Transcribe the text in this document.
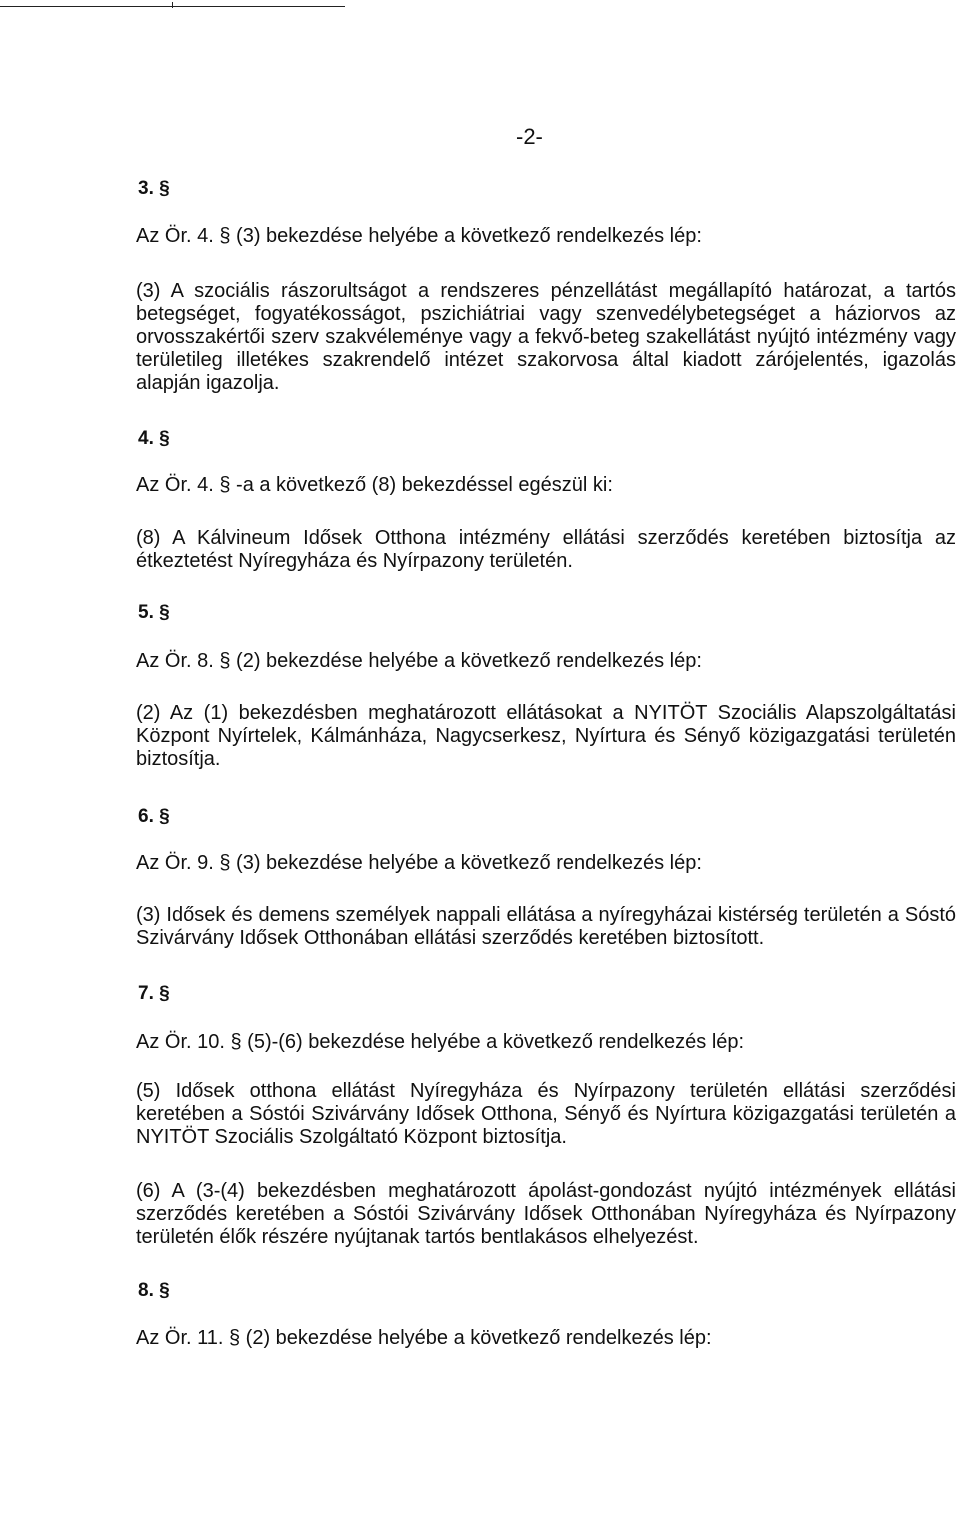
-2-
3. §
Az Ör. 4. § (3) bekezdése helyébe a következő rendelkezés lép:
(3) A szociális rászorultságot a rendszeres pénzellátást megállapító határozat, a tartós betegséget, fogyatékosságot, pszichiátriai vagy szenvedélybetegséget a háziorvos az orvosszakértői szerv szakvéleménye vagy a fekvő-beteg szakellátást nyújtó intézmény vagy területileg illetékes szakrendelő intézet szakorvosa által kiadott zárójelentés, igazolás alapján igazolja.
4. §
Az Ör. 4. § -a a következő (8) bekezdéssel egészül ki:
(8) A Kálvineum Idősek Otthona intézmény ellátási szerződés keretében biztosítja az étkeztetést Nyíregyháza és Nyírpazony területén.
5. §
Az Ör. 8. § (2) bekezdése helyébe a következő rendelkezés lép:
(2) Az (1) bekezdésben meghatározott ellátásokat a NYITÖT Szociális Alapszolgáltatási Központ Nyírtelek, Kálmánháza, Nagycserkesz, Nyírtura és Sényő közigazgatási területén biztosítja.
6. §
Az Ör. 9. § (3) bekezdése helyébe a következő rendelkezés lép:
(3) Idősek és demens személyek nappali ellátása a nyíregyházai kistérség területén a Sóstó Szivárvány Idősek Otthonában ellátási szerződés keretében biztosított.
7. §
Az Ör. 10. § (5)-(6) bekezdése helyébe a következő rendelkezés lép:
(5) Idősek otthona ellátást Nyíregyháza és Nyírpazony területén ellátási szerződési keretében a Sóstói Szivárvány Idősek Otthona, Sényő és Nyírtura közigazgatási területén a NYITÖT Szociális Szolgáltató Központ biztosítja.
(6) A (3-(4) bekezdésben meghatározott ápolást-gondozást nyújtó intézmények ellátási szerződés keretében a Sóstói Szivárvány Idősek Otthonában Nyíregyháza és Nyírpazony területén élők részére nyújtanak tartós bentlakásos elhelyezést.
8. §
Az Ör. 11. § (2) bekezdése helyébe a következő rendelkezés lép:
